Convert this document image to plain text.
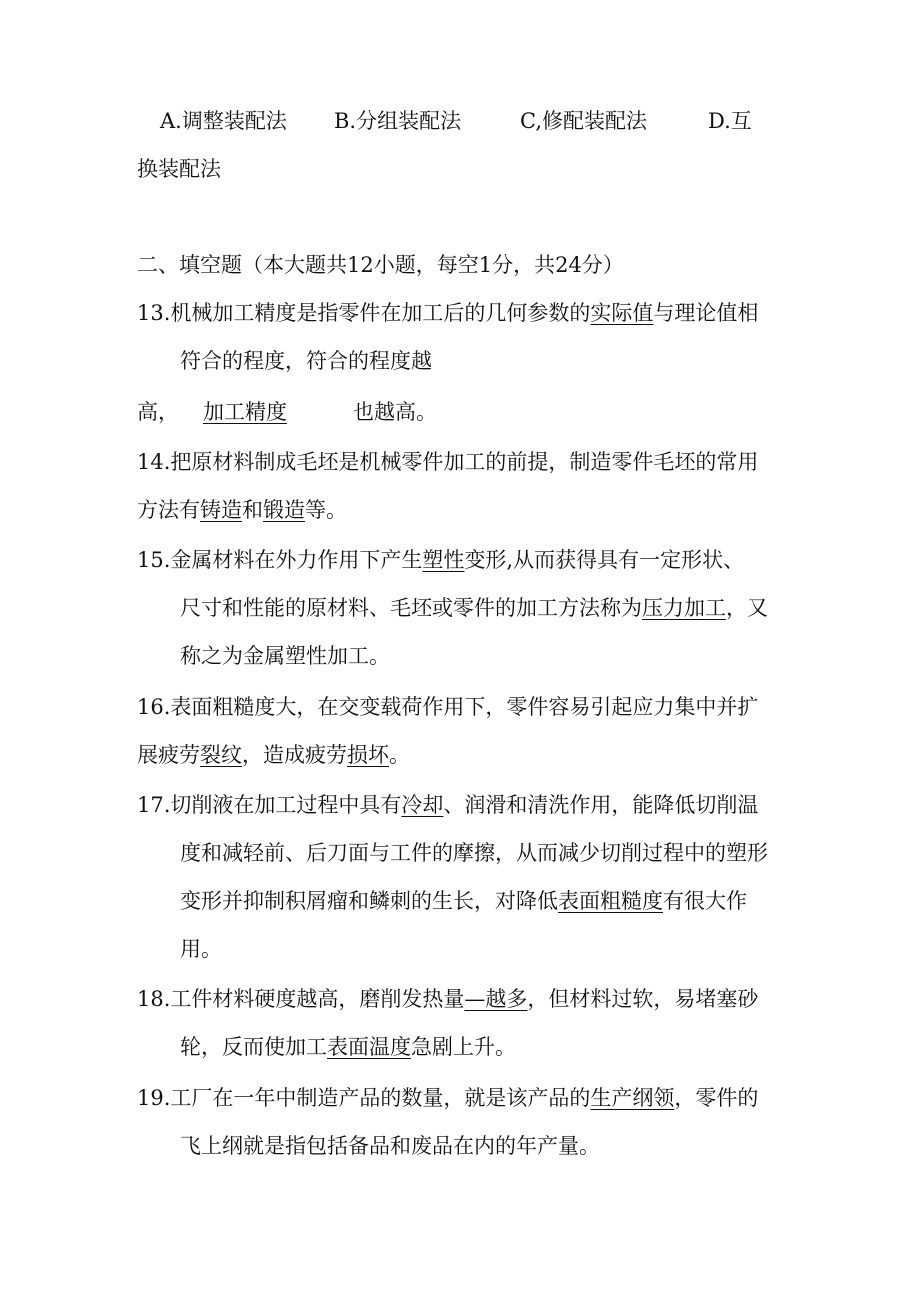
A.调整装配法 B.分组装配法	C,修配装配法	D.互
换装配法
二、填空题（本大题共12小题，每空1分，共24分）
13.机械加工精度是指零件在加工后的几何参数的实际值与理论值相
符合的程度，符合的程度越
高， 加工精度	也越高。
14.把原材料制成毛坯是机械零件加工的前提，制造零件毛坯的常用
方法有铸造和锻造等。
15.金属材料在外力作用下产生塑性变形,从而获得具有一定形状、
尺寸和性能的原材料、毛坯或零件的加工方法称为压力加工，又
称之为金属塑性加工。
16.表面粗糙度大，在交变载荷作用下，零件容易引起应力集中并扩
展疲劳裂纹，造成疲劳损坏。
17.切削液在加工过程中具有冷却、润滑和清洗作用，能降低切削温
度和减轻前、后刀面与工件的摩擦，从而减少切削过程中的塑形
变形并抑制积屑瘤和鳞刺的生长，对降低表面粗糙度有很大作
用。
18.工件材料硬度越高，磨削发热量—越多，但材料过软，易堵塞砂
轮，反而使加工表面温度急剧上升。
19.工厂在一年中制造产品的数量，就是该产品的生产纲领，零件的
飞上纲就是指包括备品和废品在内的年产量。
